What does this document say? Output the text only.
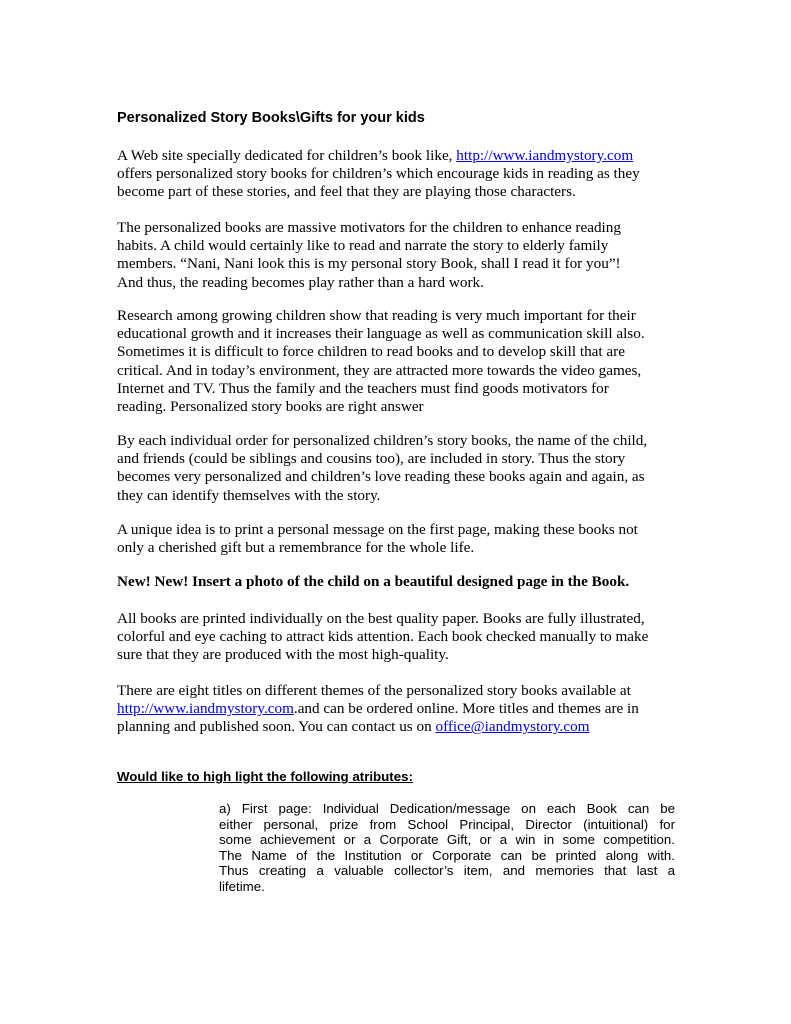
Personalized Story Books\Gifts for your kids

A Web site specially dedicated for children’s book like, http://www.iandmystory.com
offers personalized story books for children’s which encourage kids in reading as they
become part of these stories, and feel that they are playing those characters.

The personalized books are massive motivators for the children to enhance reading
habits. A child would certainly like to read and narrate the story to elderly family
members. “Nani, Nani look this is my personal story Book, shall I read it for you”!
And thus, the reading becomes play rather than a hard work.

Research among growing children show that reading is very much important for their
educational growth and it increases their language as well as communication skill also.
Sometimes it is difficult to force children to read books and to develop skill that are
critical. And in today’s environment, they are attracted more towards the video games,
Internet and TV. Thus the family and the teachers must find goods motivators for
reading. Personalized story books are right answer

By each individual order for personalized children’s story books, the name of the child,
and friends (could be siblings and cousins too), are included in story. Thus the story
becomes very personalized and children’s love reading these books again and again, as
they can identify themselves with the story.

A unique idea is to print a personal message on the first page, making these books not
only a cherished gift but a remembrance for the whole life.

New! New! Insert a photo of the child on a beautiful designed page in the Book.

All books are printed individually on the best quality paper. Books are fully illustrated,
colorful and eye caching to attract kids attention. Each book checked manually to make
sure that they are produced with the most high-quality.

There are eight titles on different themes of the personalized story books available at
http://www.iandmystory.com.and can be ordered online. More titles and themes are in
planning and published soon. You can contact us on office@iandmystory.com

Would like to high light the following atributes:

a) First page: Individual Dedication/message on each Book can be
either personal, prize from School Principal, Director (intuitional) for
some achievement or a Corporate Gift, or a win in some competition.
The Name of the Institution or Corporate can be printed along with.
Thus creating a valuable collector’s item, and memories that last a
lifetime.
